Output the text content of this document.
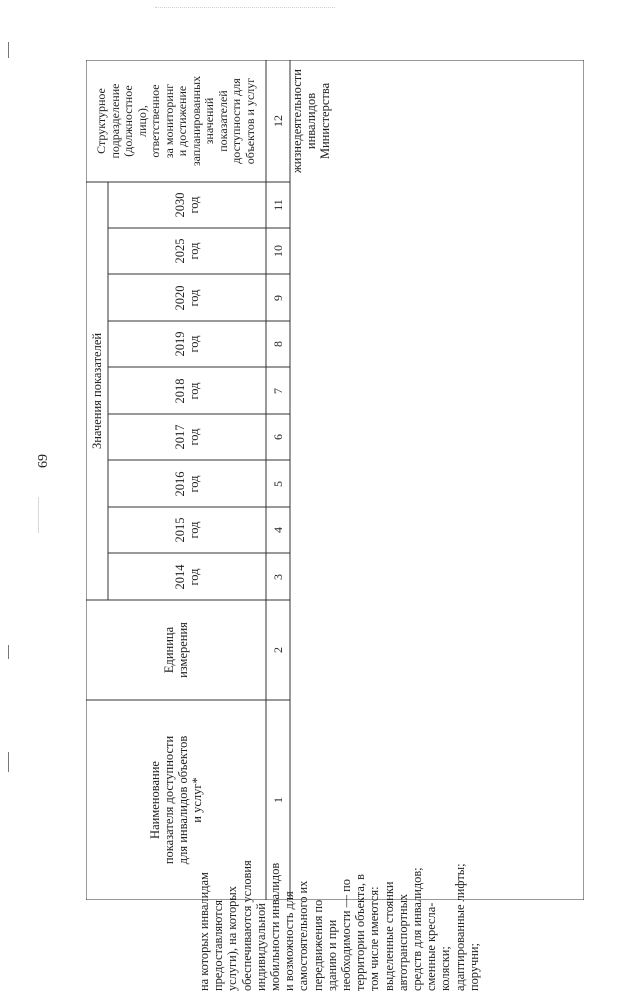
69
Наименование
показателя доступности
для инвалидов объектов
и услуг*
Единица
измерения
Значения показателей
2014
год
2015
год
2016
год
2017
год
2018
год
2019
год
2020
год
2025
год
2030
год
Структурное
подразделение
(должностное
лицо),
ответственное
за мониторинг
и достижение
запланированных
значений
показателей
доступности для
объектов и услуг
1
2
3
4
5
6
7
8
9
10
11
12
на которых инвалидам
предоставляются
услуги), на которых
обеспечиваются условия
индивидуальной
мобильности инвалидов
и возможность для
самостоятельного их
передвижения по
зданию и при
необходимости — по
территории объекта, в
том числе имеются:
выделенные стоянки
автотранспортных
средств для инвалидов;
сменные кресла-
коляски;
адаптированные лифты;
поручни;
жизнедеятельности
инвалидов
Министерства
